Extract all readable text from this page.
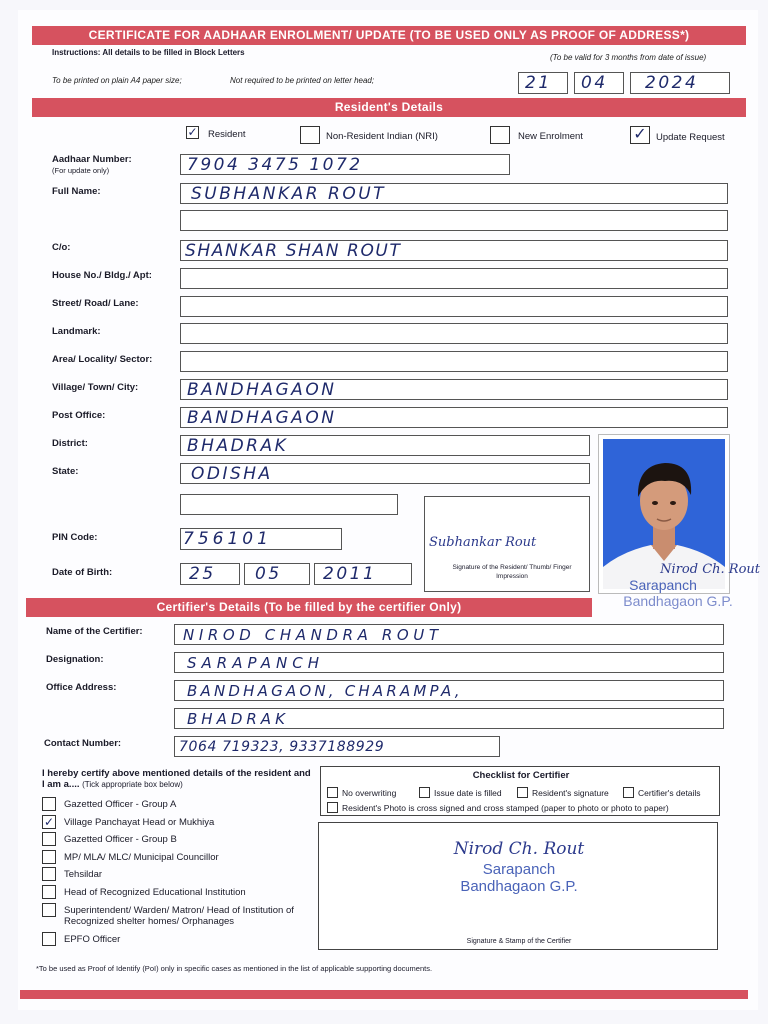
CERTIFICATE FOR AADHAAR ENROLMENT/ UPDATE (TO BE USED ONLY AS PROOF OF ADDRESS*)
Instructions: All details to be filled in Block Letters
(To be valid for 3 months from date of issue)
To be printed on plain A4 paper size;	Not required to be printed on letter head;	21 04 2024
Resident's Details
✓ Resident	Non-Resident Indian (NRI)	New Enrolment	✓ Update Request
Aadhaar Number:
(For update only)	7904 3475 1072
Full Name:	SUBHANKAR ROUT
C/o:	SHANKAR SHAN ROUT
House No./ Bldg./ Apt:
Street/ Road/ Lane:
Landmark:
Area/ Locality/ Sector:
Village/ Town/ City:	BANDHAGAON
Post Office:	BANDHAGAON
District:	BHADRAK
State:	ODISHA
PIN Code:	756101
Date of Birth:	25 05 2011
Subhankar Rout
Signature of the Resident/ Thumb/ Finger Impression	Nirod Ch. Rout
Sarapanch
Bandhagaon G.P.
Certifier's Details (To be filled by the certifier Only)
Name of the Certifier:	NIROD CHANDRA ROUT
Designation:	SARAPANCH
Office Address:	BANDHAGAON, CHARAMPA,
BHADRAK
Contact Number:	7064 719323, 9337188929
I hereby certify above mentioned details of the resident and I am a.... (Tick appropriate box below)
Gazetted Officer - Group A
✓ Village Panchayat Head or Mukhiya
Gazetted Officer - Group B
MP/ MLA/ MLC/ Municipal Councillor
Tehsildar
Head of Recognized Educational Institution
Superintendent/ Warden/ Matron/ Head of Institution of Recognized shelter homes/ Orphanages
EPFO Officer
Checklist for Certifier
No overwriting	Issue date is filled	Resident's signature	Certifier's details
Resident's Photo is cross signed and cross stamped (paper to photo or photo to paper)
Nirod Ch. Rout
Sarapanch
Bandhagaon G.P.
Signature & Stamp of the Certifier
*To be used as Proof of Identify (PoI) only in specific cases as mentioned in the list of applicable supporting documents.
